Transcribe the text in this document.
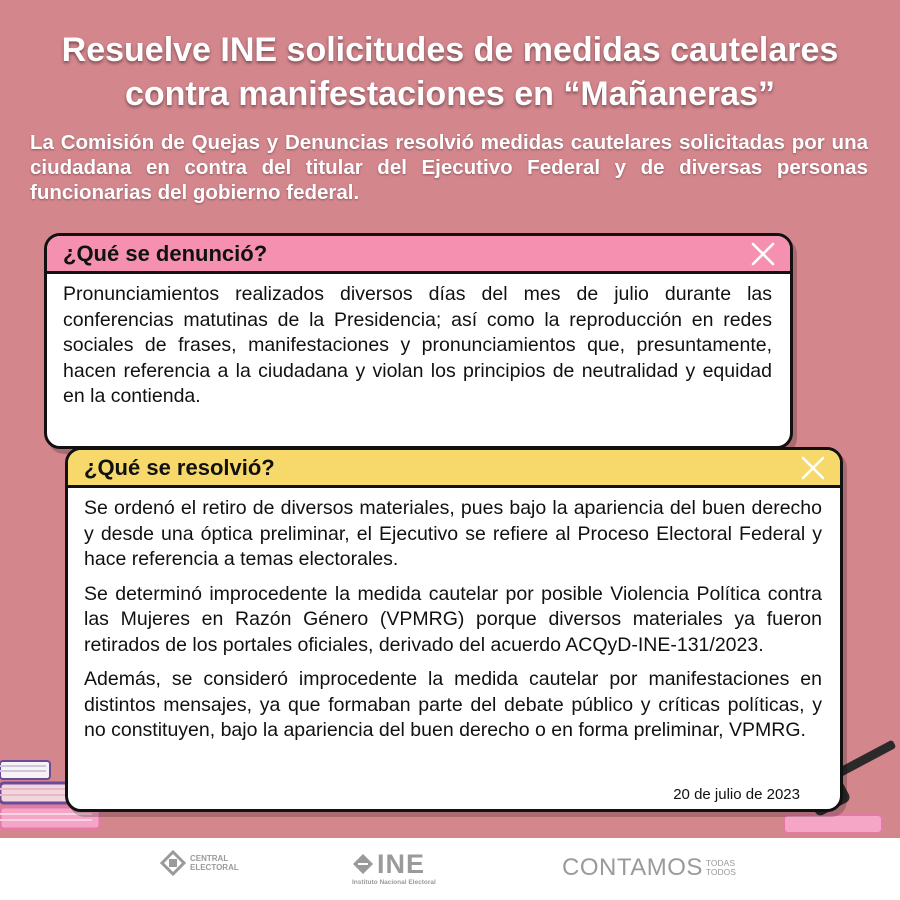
Resuelve INE solicitudes de medidas cautelares
contra manifestaciones en “Mañaneras”

La Comisión de Quejas y Denuncias resolvió medidas cautelares solicitadas por una ciudadana en contra del titular del Ejecutivo Federal y de diversas personas funcionarias del gobierno federal.

¿Qué se denunció?

Pronunciamientos realizados diversos días del mes de julio durante las conferencias matutinas de la Presidencia; así como la reproducción en redes sociales de frases, manifestaciones y pronunciamientos que, presuntamente, hacen referencia a la ciudadana y violan los principios de neutralidad y equidad en la contienda.

¿Qué se resolvió?

Se ordenó el retiro de diversos materiales, pues bajo la apariencia del buen derecho y desde una óptica preliminar, el Ejecutivo se refiere al Proceso Electoral Federal y hace referencia a temas electorales.

Se determinó improcedente la medida cautelar por posible Violencia Política contra las Mujeres en Razón Género (VPMRG) porque diversos materiales ya fueron retirados de los portales oficiales, derivado del acuerdo ACQyD-INE-131/2023.

Además, se consideró improcedente la medida cautelar por manifestaciones en distintos mensajes, ya que formaban parte del debate público y críticas políticas, y no constituyen, bajo la apariencia del buen derecho o en forma preliminar, VPMRG.

20 de julio de 2023
CENTRAL
ELECTORAL	INE
Instituto Nacional Electoral
CONTAMOS TODAS
TODOS
